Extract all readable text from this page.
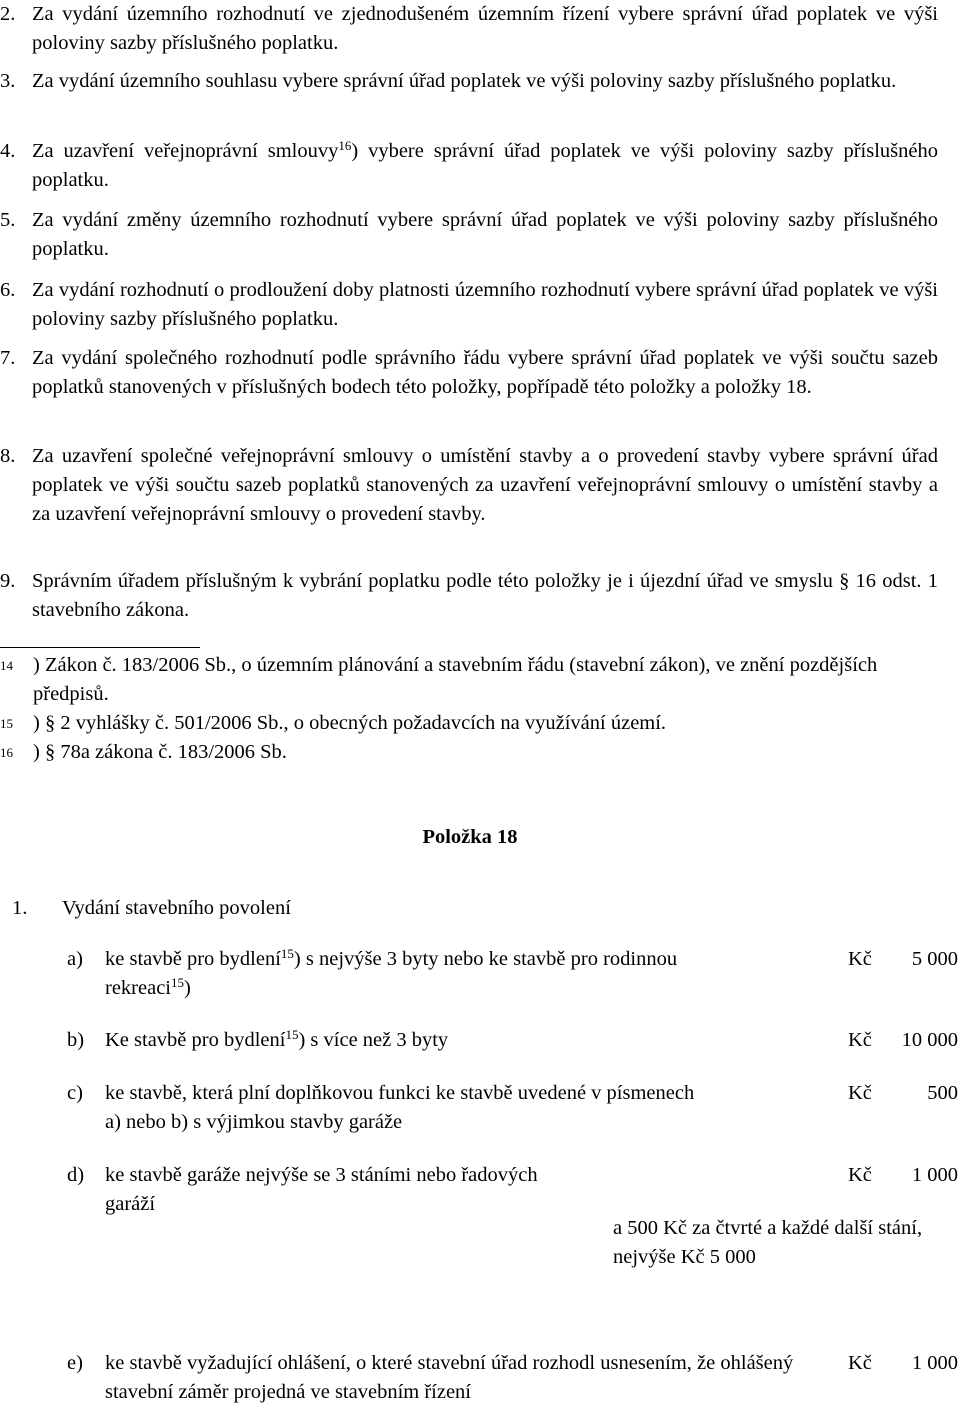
2. Za vydání územního rozhodnutí ve zjednodušeném územním řízení vybere správní úřad poplatek ve výši poloviny sazby příslušného poplatku.
3. Za vydání územního souhlasu vybere správní úřad poplatek ve výši poloviny sazby příslušného poplatku.
4. Za uzavření veřejnoprávní smlouvy$^{16}$) vybere správní úřad poplatek ve výši poloviny sazby příslušného poplatku.
5. Za vydání změny územního rozhodnutí vybere správní úřad poplatek ve výši poloviny sazby příslušného poplatku.
6. Za vydání rozhodnutí o prodloužení doby platnosti územního rozhodnutí vybere správní úřad poplatek ve výši poloviny sazby příslušného poplatku.
7. Za vydání společného rozhodnutí podle správního řádu vybere správní úřad poplatek ve výši součtu sazeb poplatků stanovených v příslušných bodech této položky, popřípadě této položky a položky 18.
8. Za uzavření společné veřejnoprávní smlouvy o umístění stavby a o provedení stavby vybere správní úřad poplatek ve výši součtu sazeb poplatků stanovených za uzavření veřejnoprávní smlouvy o umístění stavby a za uzavření veřejnoprávní smlouvy o provedení stavby.
9. Správním úřadem příslušným k vybrání poplatku podle této položky je i újezdní úřad ve smyslu § 16 odst. 1 stavebního zákona.
14 ) Zákon č. 183/2006 Sb., o územním plánování a stavebním řádu (stavební zákon), ve znění pozdějších předpisů.
15 ) § 2 vyhlášky č. 501/2006 Sb., o obecných požadavcích na využívání území.
16 ) § 78a zákona č. 183/2006 Sb.
Položka 18
1. Vydání stavebního povolení
a) ke stavbě pro bydlení$^{15}$) s nejvýše 3 byty nebo ke stavbě pro rodinnou rekreaci$^{15}$)
Kč 5 000
b) Ke stavbě pro bydlení$^{15}$) s více než 3 byty	Kč 10 000
c) ke stavbě, která plní doplňkovou funkci ke stavbě uvedené v písmenech a) nebo b) s výjimkou stavby garáže
Kč	500
d) ke stavbě garáže nejvýše se 3 stáními nebo řadových garáží
Kč 1 000
a 500 Kč za čtvrté a každé další stání, nejvýše Kč 5 000
e) ke stavbě vyžadující ohlášení, o které stavební úřad rozhodl usnesením, že ohlášený stavební záměr projedná ve stavebním řízení
Kč 1 000
